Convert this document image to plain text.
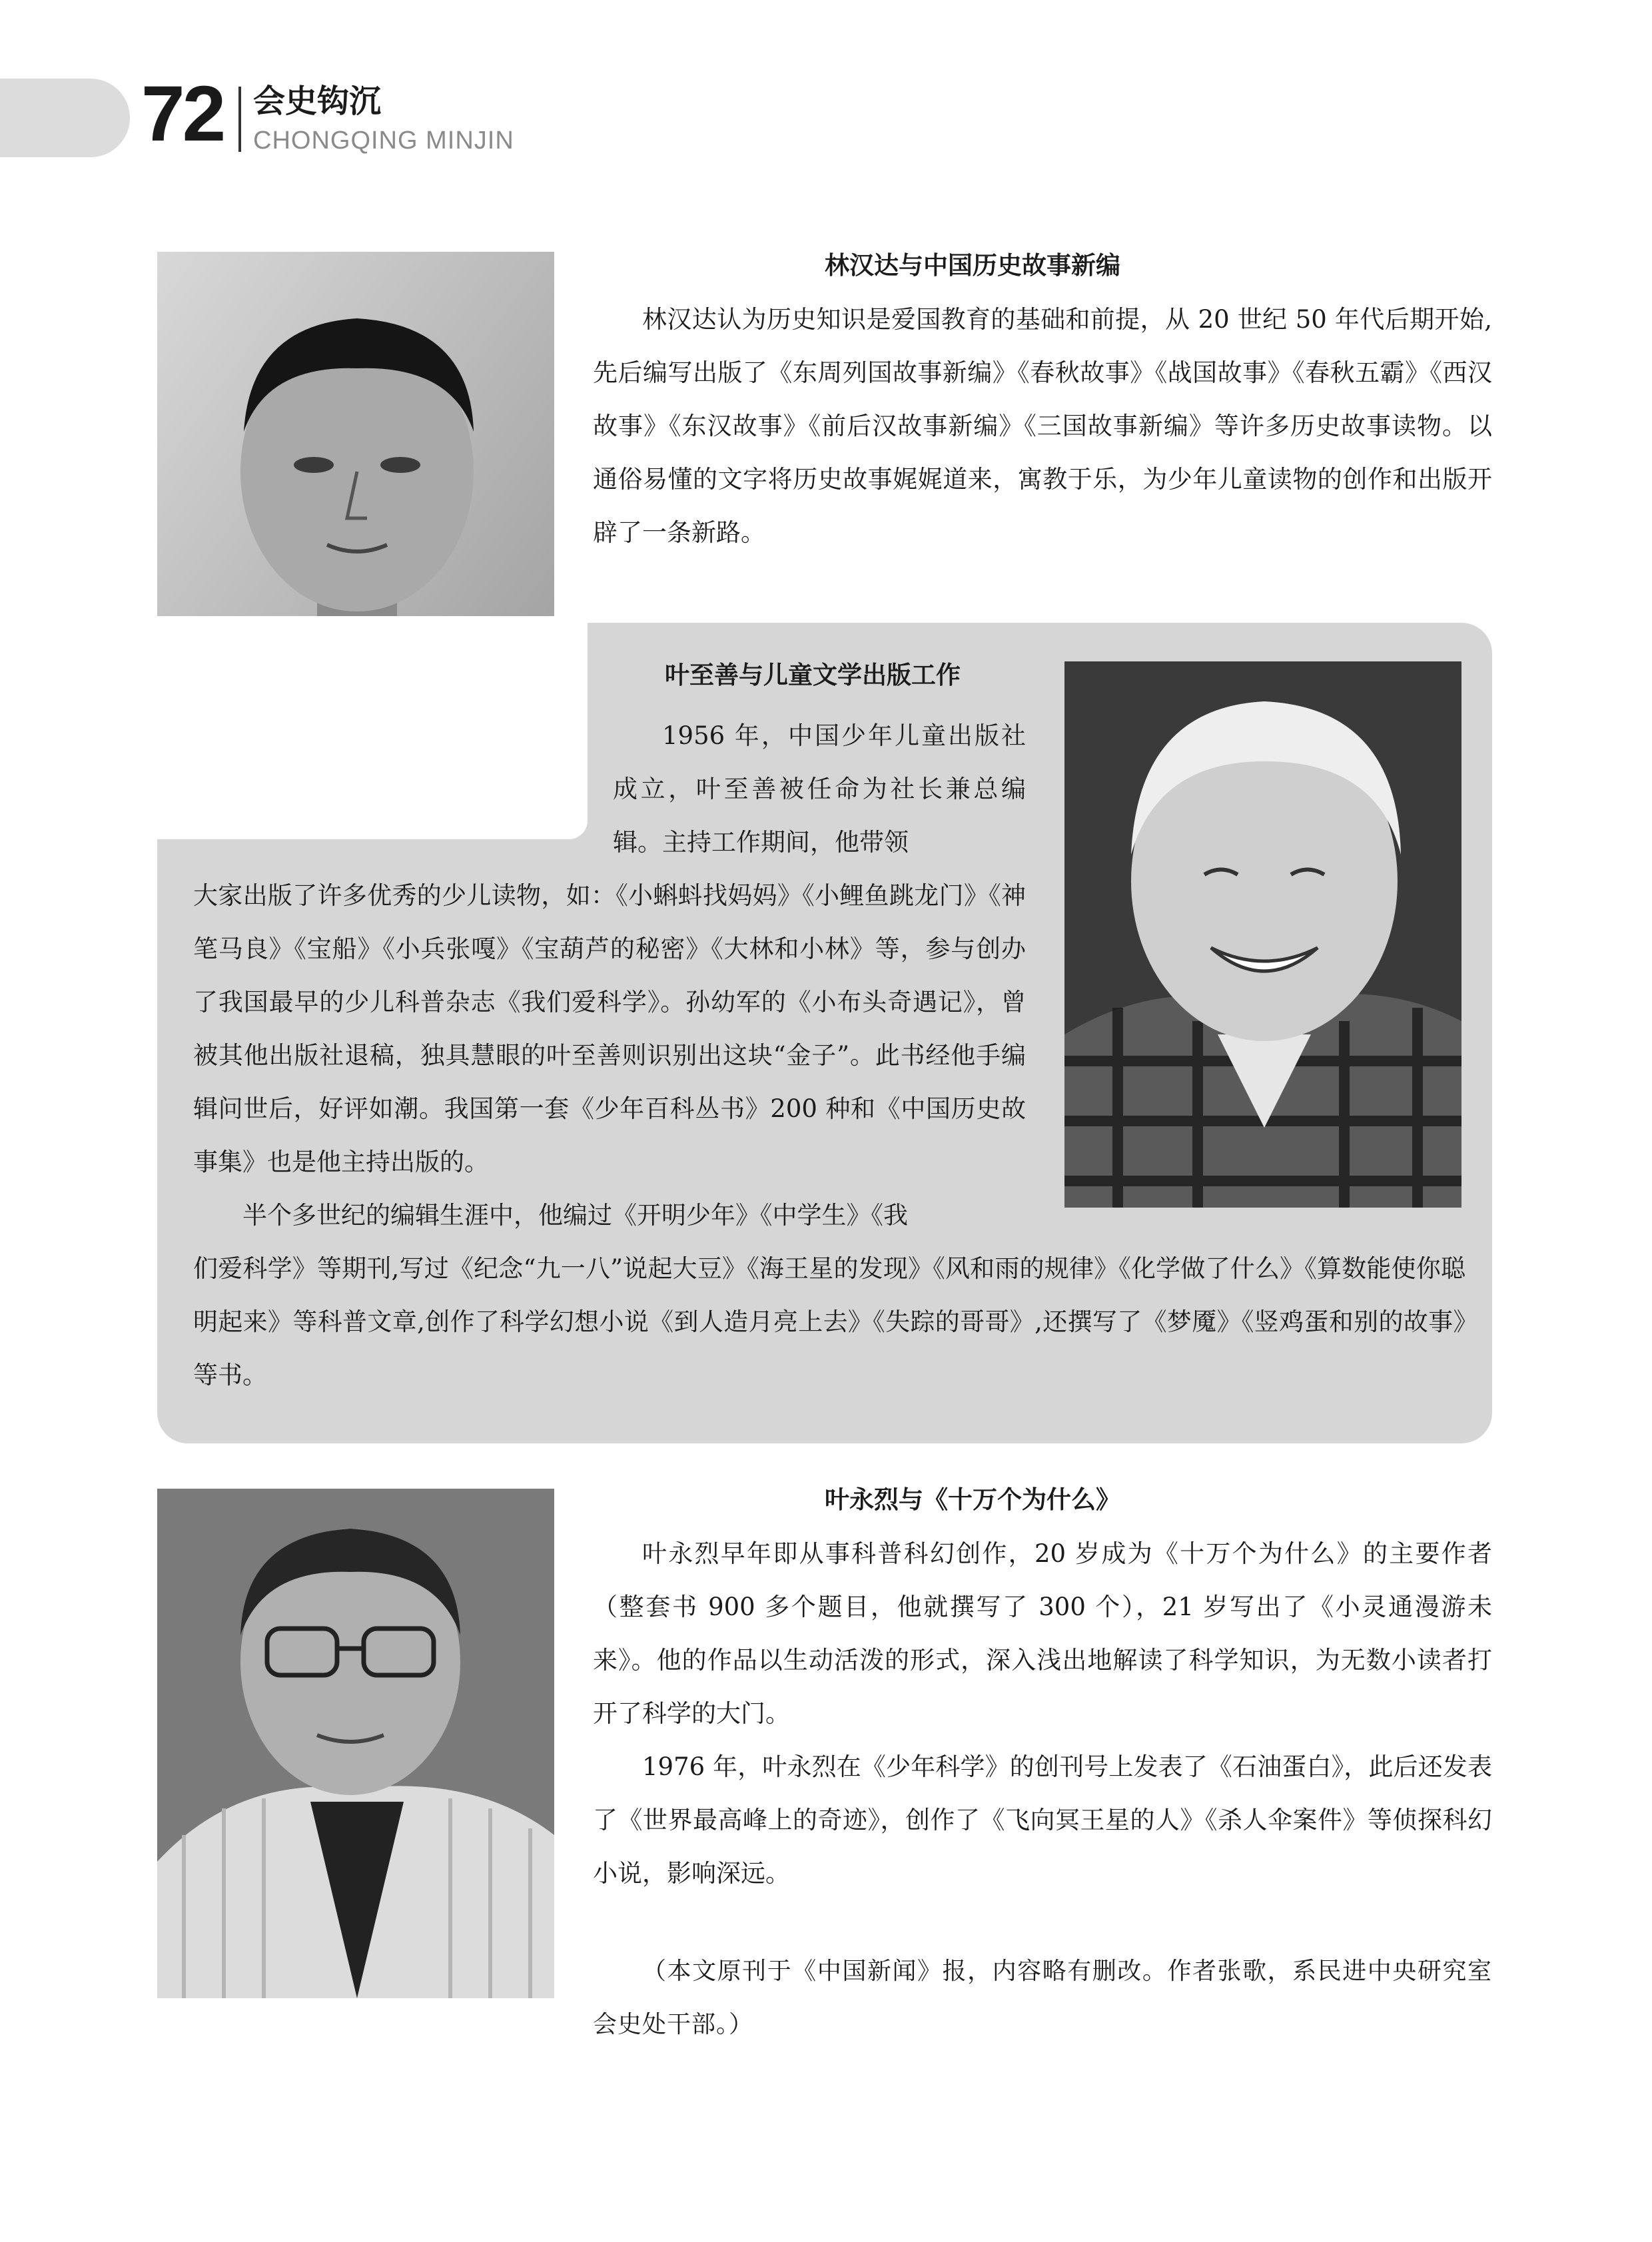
72 会史钩沉
CHONGQING MINJIN
林汉达与中国历史故事新编

林汉达认为历史知识是爱国教育的基础和前提，从 20 世纪 50 年代后期开始,先后编写出版了《东周列国故事新编》《春秋故事》《战国故事》《春秋五霸》《西汉故事》《东汉故事》《前后汉故事新编》《三国故事新编》等许多历史故事读物。以通俗易懂的文字将历史故事娓娓道来，寓教于乐，为少年儿童读物的创作和出版开辟了一条新路。

叶至善与儿童文学出版工作

1956 年，中国少年儿童出版社成立，叶至善被任命为社长兼总编辑。主持工作期间，他带领

大家出版了许多优秀的少儿读物，如：《小蝌蚪找妈妈》《小鲤鱼跳龙门》《神笔马良》《宝船》《小兵张嘎》《宝葫芦的秘密》《大林和小林》等，参与创办了我国最早的少儿科普杂志《我们爱科学》。孙幼军的《小布头奇遇记》，曾被其他出版社退稿，独具慧眼的叶至善则识别出这块“金子”。此书经他手编辑问世后，好评如潮。我国第一套《少年百科丛书》200 种和《中国历史故事集》也是他主持出版的。

半个多世纪的编辑生涯中，他编过《开明少年》《中学生》《我

们爱科学》等期刊,写过《纪念“九一八”说起大豆》《海王星的发现》《风和雨的规律》《化学做了什么》《算数能使你聪明起来》等科普文章,创作了科学幻想小说《到人造月亮上去》《失踪的哥哥》,还撰写了《梦魇》《竖鸡蛋和别的故事》等书。

叶永烈与《十万个为什么》

叶永烈早年即从事科普科幻创作，20 岁成为《十万个为什么》的主要作者（整套书 900 多个题目，他就撰写了 300 个），21 岁写出了《小灵通漫游未来》。他的作品以生动活泼的形式，深入浅出地解读了科学知识，为无数小读者打开了科学的大门。

1976 年，叶永烈在《少年科学》的创刊号上发表了《石油蛋白》，此后还发表了《世界最高峰上的奇迹》，创作了《飞向冥王星的人》《杀人伞案件》等侦探科幻小说，影响深远。

（本文原刊于《中国新闻》报，内容略有删改。作者张歌，系民进中央研究室会史处干部。）
